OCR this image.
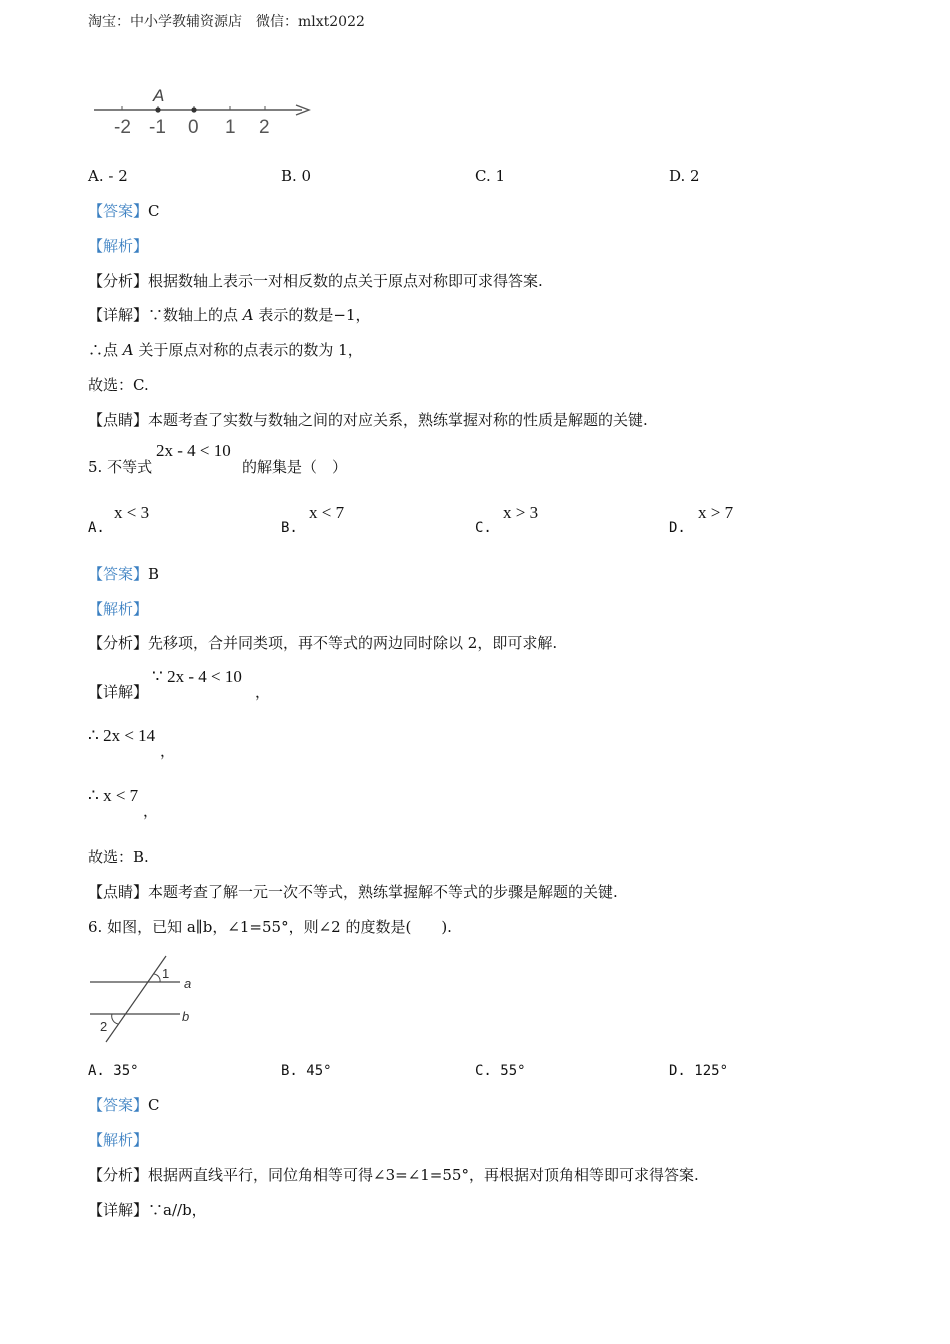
淘宝：中小学教辅资源店　微信：mlxt2022
A
-2 -1 0 1 2
A. - 2	B. 0	C. 1	D. 2
【答案】C
【解析】
【分析】根据数轴上表示一对相反数的点关于原点对称即可求得答案.
【详解】∵数轴上的点 A 表示的数是−1，
∴点 A 关于原点对称的点表示的数为 1，
故选：C.
【点睛】本题考查了实数与数轴之间的对应关系，熟练掌握对称的性质是解题的关键.
5. 不等式
2x - 4 < 10
的解集是（　）
A.
x < 3
B.
x < 7
C.
x > 3
D.
x > 7
【答案】B
【解析】
【分析】先移项，合并同类项，再不等式的两边同时除以 2，即可求解.
【详解】
∵ 2x - 4 < 10
，
∴ 2x < 14
，
∴ x < 7
，
故选：B.
【点睛】本题考查了解一元一次不等式，熟练掌握解不等式的步骤是解题的关键.
6. 如图，已知 a∥b，∠1=55°，则∠2 的度数是(　　).
1
2
a
b
A. 35°	B. 45°	C. 55°	D. 125°
【答案】C
【解析】
【分析】根据两直线平行，同位角相等可得∠3=∠1=55°，再根据对顶角相等即可求得答案.
【详解】∵a//b，
